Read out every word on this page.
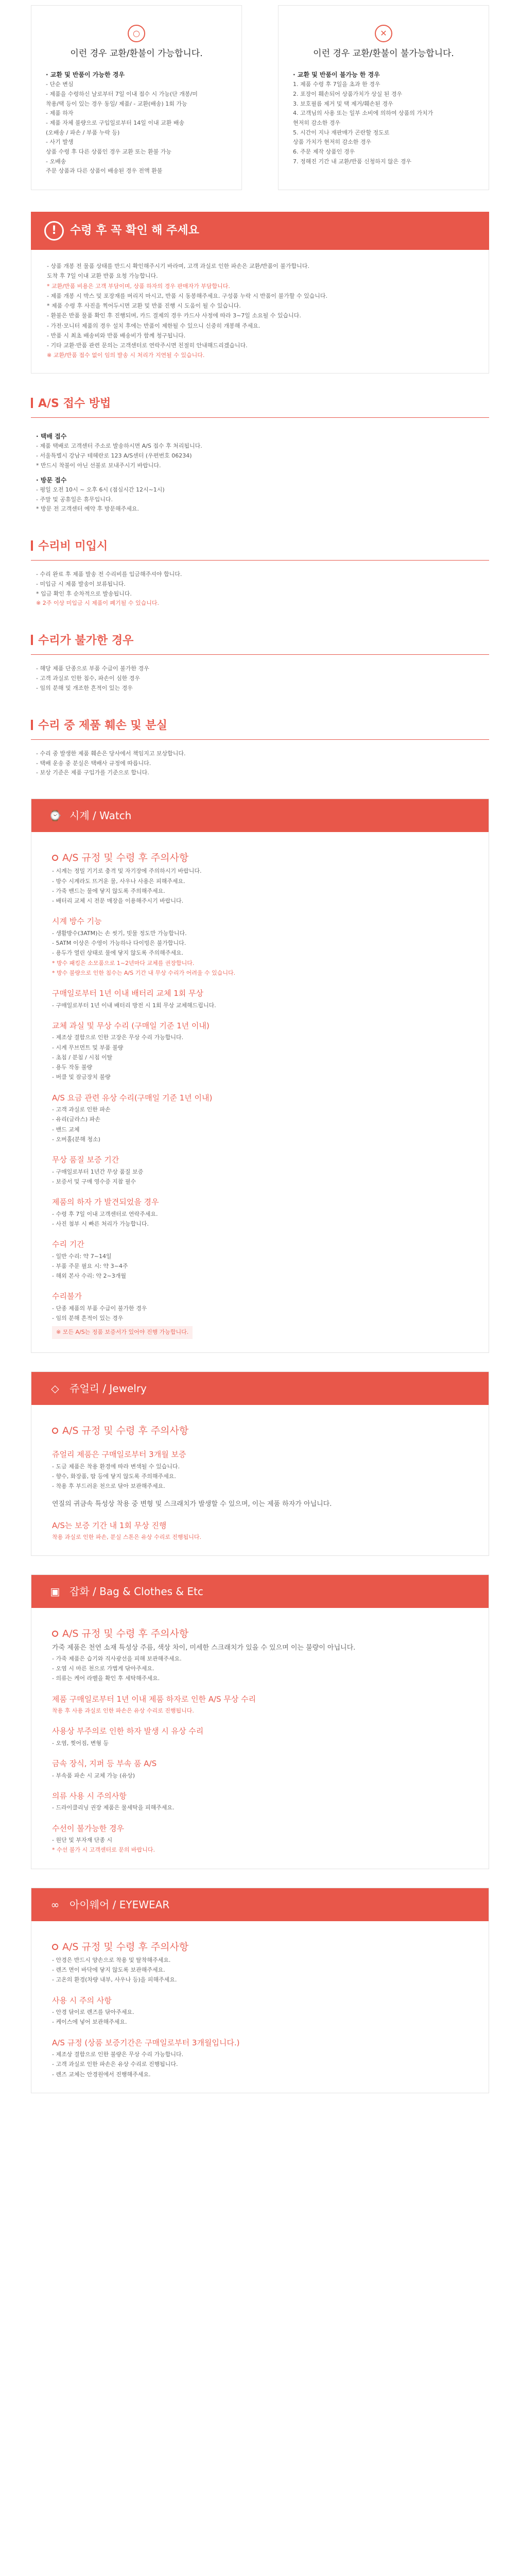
○
이런 경우 교환/환불이 가능합니다.
· 교환 및 반품이 가능한 경우
- 단순 변심
- 제품을 수령하신 날로부터 7일 이내 접수 시 가능(단 개봉/미
착용/택 등이 있는 경우 동일/ 제품/ - 교환(배송) 1회 가능
- 제품 하자
- 제품 자체 불량으로 구입일로부터 14일 이내 교환 배송
(오배송 / 파손 / 부품 누락 등)
- 사기 발생
상품 수령 후 다른 상품인 경우 교환 또는 환불 가능
- 오배송
주문 상품과 다른 상품이 배송된 경우 전액 환불
✕
이런 경우 교환/환불이 불가능합니다.
· 교환 및 반품이 불가능 한 경우
1. 제품 수령 후 7일을 초과 한 경우
2. 포장이 훼손되어 상품가치가 상실 된 경우
3. 보호필름 제거 및 택 제거/훼손된 경우
4. 고객님의 사용 또는 일부 소비에 의하여 상품의 가치가
현저히 감소한 경우
5. 시간이 지나 재판매가 곤란할 정도로
상품 가치가 현저히 감소한 경우
6. 주문 제작 상품인 경우
7. 정해진 기간 내 교환/반품 신청하지 않은 경우
!	수령 후 꼭 확인 해 주세요

- 상품 개봉 전 물품 상태를 반드시 확인해주시기 바라며, 고객 과실로 인한 파손은 교환/반품이 불가합니다.

도착 후 7일 이내 교환 반품 요청 가능합니다.

* 교환/반품 비용은 고객 부담이며, 상품 하자의 경우 판매자가 부담합니다.

- 제품 개봉 시 박스 및 포장재를 버리지 마시고, 반품 시 동봉해주세요. 구성품 누락 시 반품이 불가할 수 있습니다.

* 제품 수령 후 사진을 찍어두시면 교환 및 반품 진행 시 도움이 될 수 있습니다.

- 환불은 반품 물품 확인 후 진행되며, 카드 결제의 경우 카드사 사정에 따라 3~7일 소요될 수 있습니다.

- 가전·모니터 제품의 경우 설치 후에는 반품이 제한될 수 있으니 신중히 개봉해 주세요.

- 반품 시 최초 배송비와 반품 배송비가 함께 청구됩니다.

- 기타 교환·반품 관련 문의는 고객센터로 연락주시면 친절히 안내해드리겠습니다.

※ 교환/반품 접수 없이 임의 발송 시 처리가 지연될 수 있습니다.

A/S 접수 방법
· 택배 접수

- 제품 택배로 고객센터 주소로 발송하시면 A/S 접수 후 처리됩니다.

- 서울특별시 강남구 테헤란로 123 A/S센터 (우편번호 06234)

* 반드시 착불이 아닌 선불로 보내주시기 바랍니다.

· 방문 접수

- 평일 오전 10시 ~ 오후 6시 (점심시간 12시~1시)

- 주말 및 공휴일은 휴무입니다.

* 방문 전 고객센터 예약 후 방문해주세요.

수리비 미입시

- 수리 완료 후 제품 발송 전 수리비를 입금해주셔야 합니다.

- 미입금 시 제품 발송이 보류됩니다.

* 입금 확인 후 순차적으로 발송됩니다.

※ 2주 이상 미입금 시 제품이 폐기될 수 있습니다.

수리가 불가한 경우

- 해당 제품 단종으로 부품 수급이 불가한 경우

- 고객 과실로 인한 침수, 파손이 심한 경우

- 임의 분해 및 개조한 흔적이 있는 경우

수리 중 제품 훼손 및 분실

- 수리 중 발생한 제품 훼손은 당사에서 책임지고 보상합니다.

- 택배 운송 중 분실은 택배사 규정에 따릅니다.

- 보상 기준은 제품 구입가를 기준으로 합니다.

⌚ 시계 / Watch
A/S 규정 및 수령 후 주의사항

- 시계는 정밀 기기로 충격 및 자기장에 주의하시기 바랍니다.

- 방수 시계라도 뜨거운 물, 사우나 사용은 피해주세요.

- 가죽 밴드는 물에 닿지 않도록 주의해주세요.

- 배터리 교체 시 전문 매장을 이용해주시기 바랍니다.

시계 방수 기능

- 생활방수(3ATM)는 손 씻기, 빗물 정도만 가능합니다.

- 5ATM 이상은 수영이 가능하나 다이빙은 불가합니다.

- 용두가 열린 상태로 물에 닿지 않도록 주의해주세요.

* 방수 패킹은 소모품으로 1~2년마다 교체를 권장합니다.

* 방수 불량으로 인한 침수는 A/S 기간 내 무상 수리가 어려울 수 있습니다.

구매일로부터 1년 이내 배터리 교체 1회 무상

- 구매일로부터 1년 이내 배터리 방전 시 1회 무상 교체해드립니다.

교체 과실 및 무상 수리 (구매일 기준 1년 이내)

- 제조상 결함으로 인한 고장은 무상 수리 가능합니다.

- 시계 무브먼트 및 부품 불량

- 초침 / 분침 / 시침 이탈

- 용두 작동 불량

- 버클 및 잠금장치 불량

A/S 요금 관련 유상 수리(구매일 기준 1년 이내)

- 고객 과실로 인한 파손

- 유리(글라스) 파손

- 밴드 교체

- 오버홀(분해 청소)

무상 품질 보증 기간

- 구매일로부터 1년간 무상 품질 보증

- 보증서 및 구매 영수증 지참 필수

제품의 하자 가 발견되었을 경우

- 수령 후 7일 이내 고객센터로 연락주세요.

- 사진 첨부 시 빠른 처리가 가능합니다.

수리 기간

- 일반 수리: 약 7~14일

- 부품 주문 필요 시: 약 3~4주

- 해외 본사 수리: 약 2~3개월

수리불가

- 단종 제품의 부품 수급이 불가한 경우

- 임의 분해 흔적이 있는 경우

※ 모든 A/S는 정품 보증서가 있어야 진행 가능합니다.
◇	쥬얼리 / Jewelry
A/S 규정 및 수령 후 주의사항
쥬얼리 제품은 구매일로부터 3개월 보증

- 도금 제품은 착용 환경에 따라 변색될 수 있습니다.

- 향수, 화장품, 땀 등에 닿지 않도록 주의해주세요.

- 착용 후 부드러운 천으로 닦아 보관해주세요.

연질의 귀금속 특성상 착용 중 변형 및 스크래치가 발생할 수 있으며, 이는 제품 하자가 아닙니다.

A/S는 보증 기간 내 1회 무상 진행

착용 과실로 인한 파손, 분실 스톤은 유상 수리로 진행됩니다.

▣ 잡화 / Bag & Clothes & Etc
A/S 규정 및 수령 후 주의사항

가죽 제품은 천연 소재 특성상 주름, 색상 차이, 미세한 스크래치가 있을 수 있으며 이는 불량이 아닙니다.

- 가죽 제품은 습기와 직사광선을 피해 보관해주세요.

- 오염 시 마른 천으로 가볍게 닦아주세요.

- 의류는 케어 라벨을 확인 후 세탁해주세요.

제품 구매일로부터 1년 이내 제품 하자로 인한 A/S 무상 수리

착용 후 사용 과실로 인한 파손은 유상 수리로 진행됩니다.

사용상 부주의로 인한 하자 발생 시 유상 수리

- 오염, 찢어짐, 변형 등

금속 장식, 지퍼 등 부속 품 A/S

- 부속품 파손 시 교체 가능 (유상)

의류 사용 시 주의사항

- 드라이클리닝 권장 제품은 물세탁을 피해주세요.

수선이 불가능한 경우

- 원단 및 부자재 단종 시

* 수선 불가 시 고객센터로 문의 바랍니다.

∞ 아이웨어 / EYEWEAR
A/S 규정 및 수령 후 주의사항

- 안경은 반드시 양손으로 착용 및 탈착해주세요.

- 렌즈 면이 바닥에 닿지 않도록 보관해주세요.

- 고온의 환경(차량 내부, 사우나 등)을 피해주세요.

사용 시 주의 사항

- 안경 닦이로 렌즈를 닦아주세요.

- 케이스에 넣어 보관해주세요.

A/S 규정 (상품 보증기간은 구매일로부터 3개월입니다.)

- 제조상 결함으로 인한 불량은 무상 수리 가능합니다.

- 고객 과실로 인한 파손은 유상 수리로 진행됩니다.

- 렌즈 교체는 안경원에서 진행해주세요.
